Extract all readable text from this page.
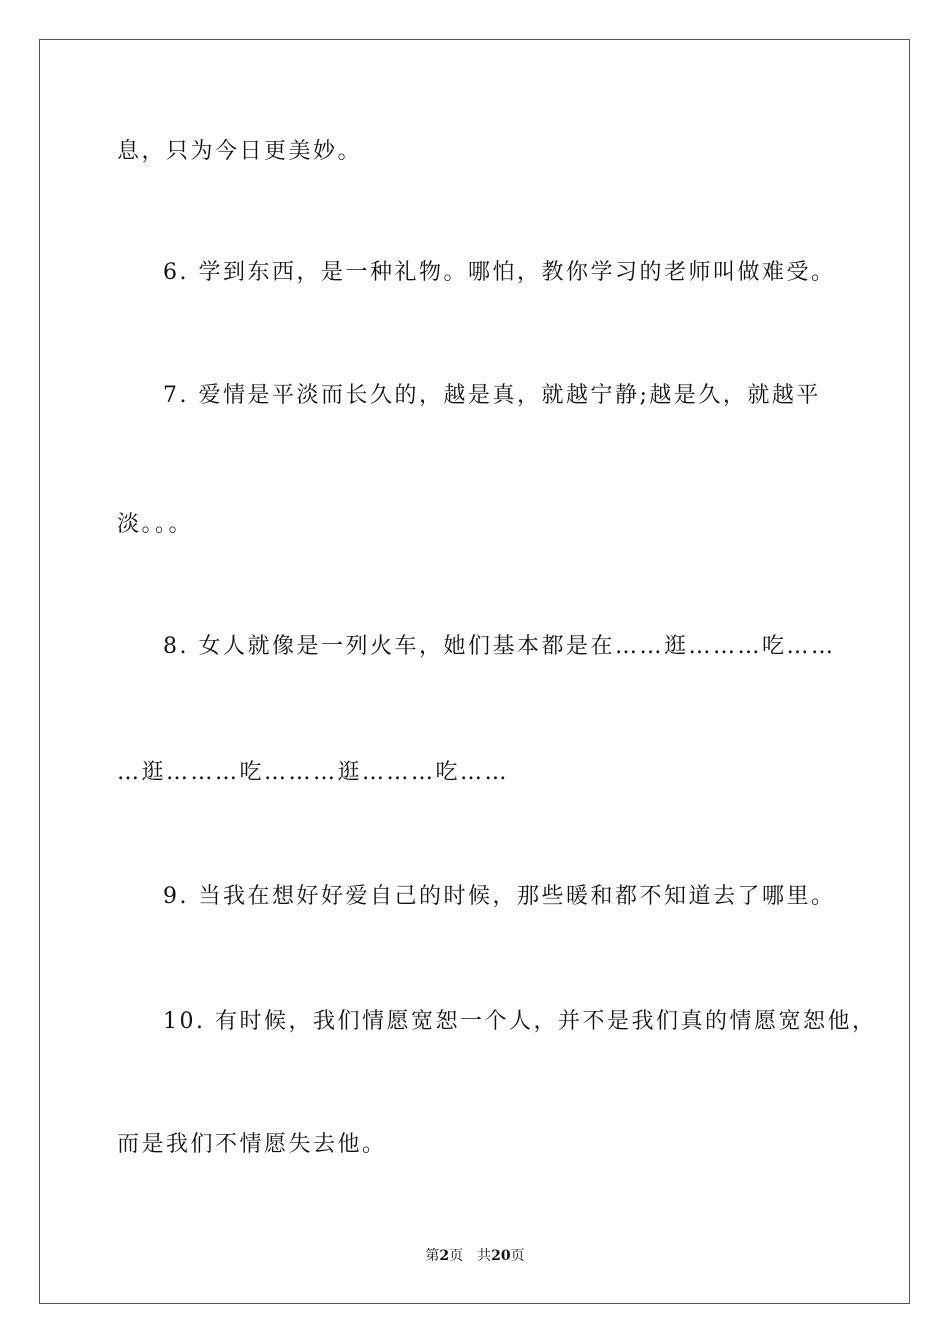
息，只为今日更美妙。
6. 学到东西，是一种礼物。哪怕，教你学习的老师叫做难受。
7. 爱情是平淡而长久的，越是真，就越宁静;越是久，就越平
淡。。。
8. 女人就像是一列火车，她们基本都是在……逛………吃……
…逛………吃………逛………吃……
9. 当我在想好好爱自己的时候，那些暖和都不知道去了哪里。
10. 有时候，我们情愿宽恕一个人，并不是我们真的情愿宽恕他，
而是我们不情愿失去他。
第2页 共20页
